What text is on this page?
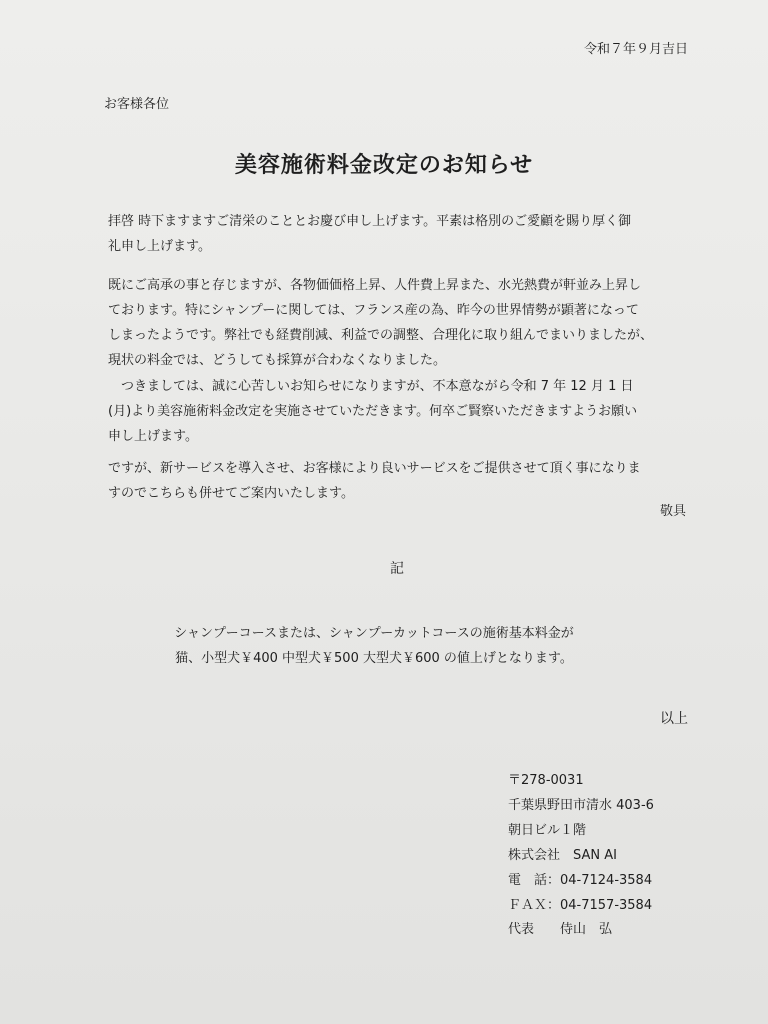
令和７年９月吉日
お客様各位
美容施術料金改定のお知らせ
拝啓 時下ますますご清栄のこととお慶び申し上げます。平素は格別のご愛顧を賜り厚く御
礼申し上げます。
既にご高承の事と存じますが、各物価価格上昇、人件費上昇また、水光熱費が軒並み上昇し
ております。特にシャンプーに関しては、フランス産の為、昨今の世界情勢が顕著になって
しまったようです。弊社でも経費削減、利益での調整、合理化に取り組んでまいりましたが、
現状の料金では、どうしても採算が合わなくなりました。
　つきましては、誠に心苦しいお知らせになりますが、不本意ながら令和 7 年 12 月 1 日
(月)より美容施術料金改定を実施させていただきます。何卒ご賢察いただきますようお願い
申し上げます。
ですが、新サービスを導入させ、お客様により良いサービスをご提供させて頂く事になりま
すのでこちらも併せてご案内いたします。
敬具
記
シャンプーコースまたは、シャンプーカットコースの施術基本料金が
猫、小型犬￥400 中型犬￥500 大型犬￥600 の値上げとなります。
以上
〒278-0031
千葉県野田市清水 403-6
朝日ビル１階
株式会社　SAN AI
電　話：04-7124-3584
ＦＡＸ：04-7157-3584
代表　　侍山　弘
